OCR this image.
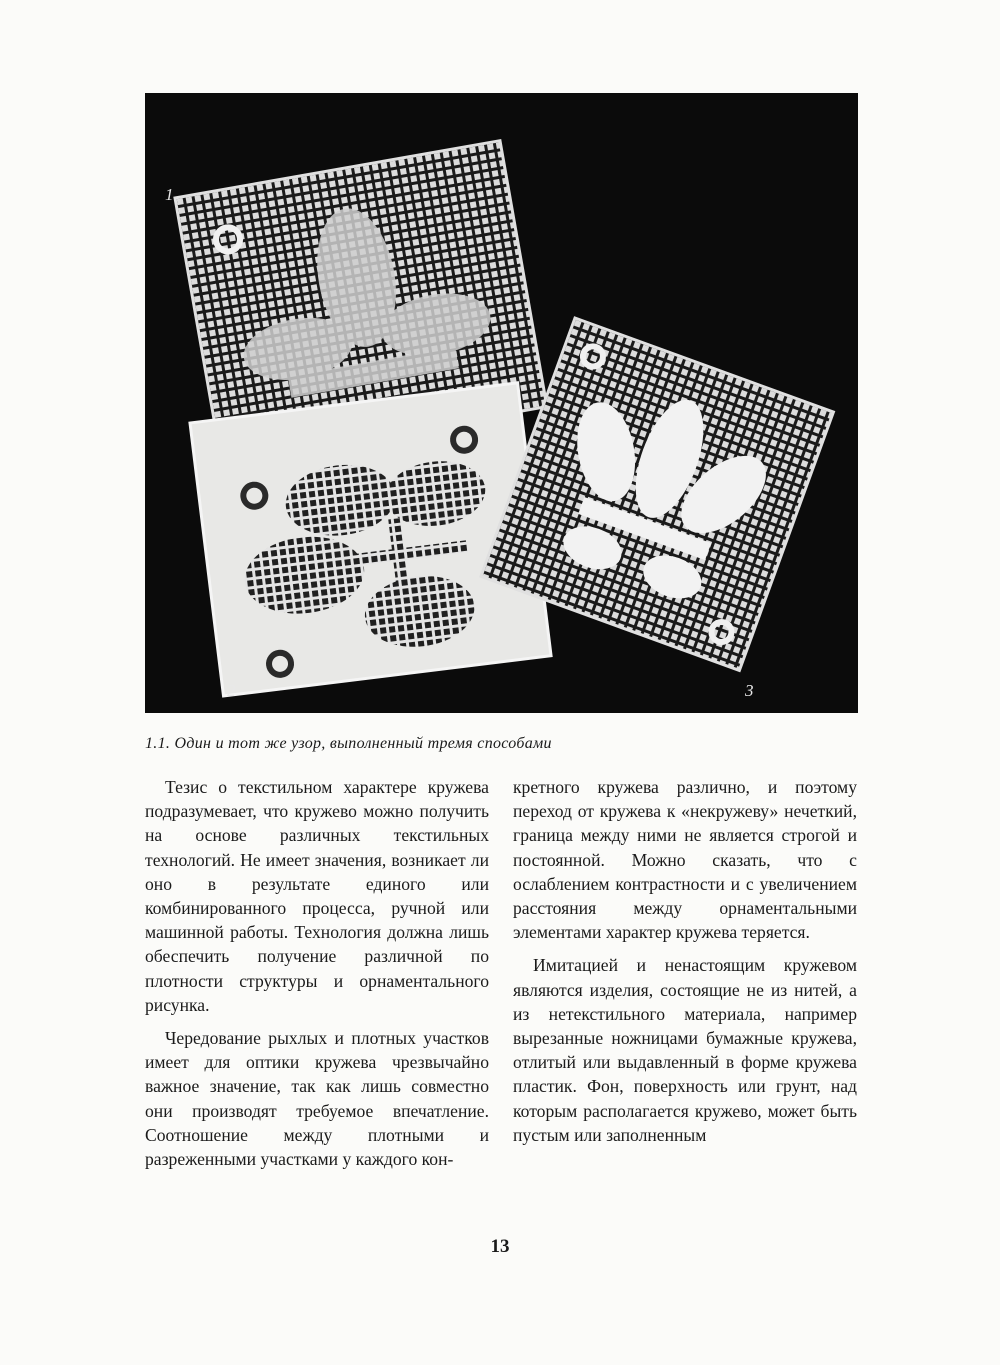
1
2	3
1.1. Один и тот же узор, выполненный тремя способами

Тезис о текстильном характере кружева подразумевает, что кружево можно получить на основе различных текстильных технологий. Не имеет значения, возникает ли оно в результате единого или комбинированного процесса, ручной или машинной работы. Технология должна лишь обеспечить получение различной по плотности структуры и орнаментального рисунка.

Чередование рыхлых и плотных участков имеет для оптики кружева чрезвычайно важное значение, так как лишь совместно они производят требуемое впечатление. Соотношение между плотными и разреженными участками у каждого кон-

кретного кружева различно, и поэтому переход от кружева к «некружеву» нечеткий, граница между ними не является строгой и постоянной. Можно сказать, что с ослаблением контрастности и с увеличением расстояния между орнаментальными элементами характер кружева теряется.

Имитацией и ненастоящим кружевом являются изделия, состоящие не из нитей, а из нетекстильного материала, например вырезанные ножницами бумажные кружева, отлитый или выдавленный в форме кружева пластик. Фон, поверхность или грунт, над которым располагается кружево, может быть пустым или заполненным

13
